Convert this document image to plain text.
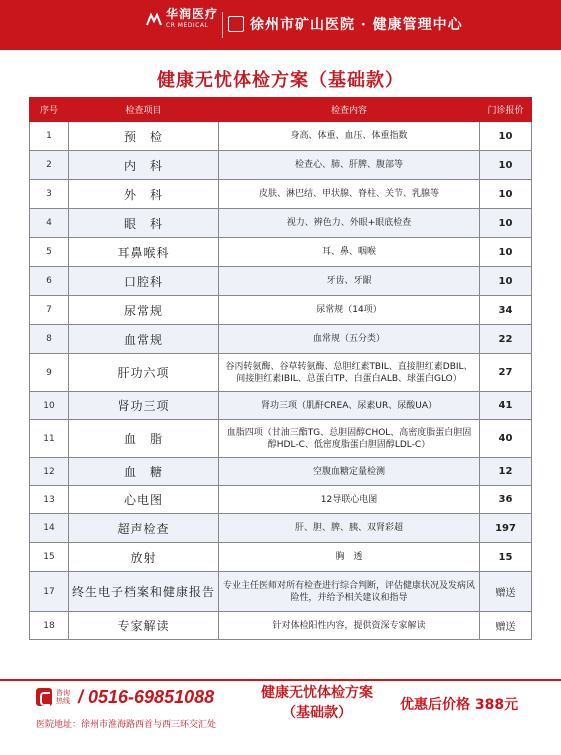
华润医疗
CR MEDICAL	徐州市矿山医院 · 健康管理中心
健康无忧体检方案（基础款）
序号	检查项目	检查内容	门诊报价
1	预　检	身高、体重、血压、体重指数	10
2	内　科	检查心、肺、肝脾、腹部等	10
3	外　科	皮肤、淋巴结、甲状腺、脊柱、关节、乳腺等	10
4	眼　科	视力、辨色力、外眼+眼底检查	10
5	耳鼻喉科	耳、鼻、咽喉	10
6	口腔科	牙齿、牙龈	10
7	尿常规	尿常规（14项）	34
8	血常规	血常规（五分类）	22
9	肝功六项	谷丙转氨酶、谷草转氨酶、总胆红素TBIL、直接胆红素DBIL、间接胆红素IBIL、总蛋白TP、白蛋白ALB、球蛋白GLO）	27
10	肾功三项	肾功三项（肌酐CREA、尿素UR、尿酸UA）	41
11	血　脂	血脂四项（甘油三酯TG、总胆固醇CHOL、高密度脂蛋白胆固醇HDL-C、低密度脂蛋白胆固醇LDL-C）	40
12	血　糖	空腹血糖定量检测	12
13	心电图	12导联心电图	36
14	超声检查	肝、胆、脾、胰、双肾彩超	197
15	放射	胸　透	15
17	终生电子档案和健康报告	专业主任医师对所有检查进行综合判断，评估健康状况及发病风险性，并给予相关建议和指导	赠送
18	专家解读	针对体检阳性内容，提供资深专家解读	赠送
咨询热线 / 0516-69851088
医院地址：徐州市淮海路西首与西三环交汇处
健康无忧体检方案
（基础款）	优惠后价格 388元
